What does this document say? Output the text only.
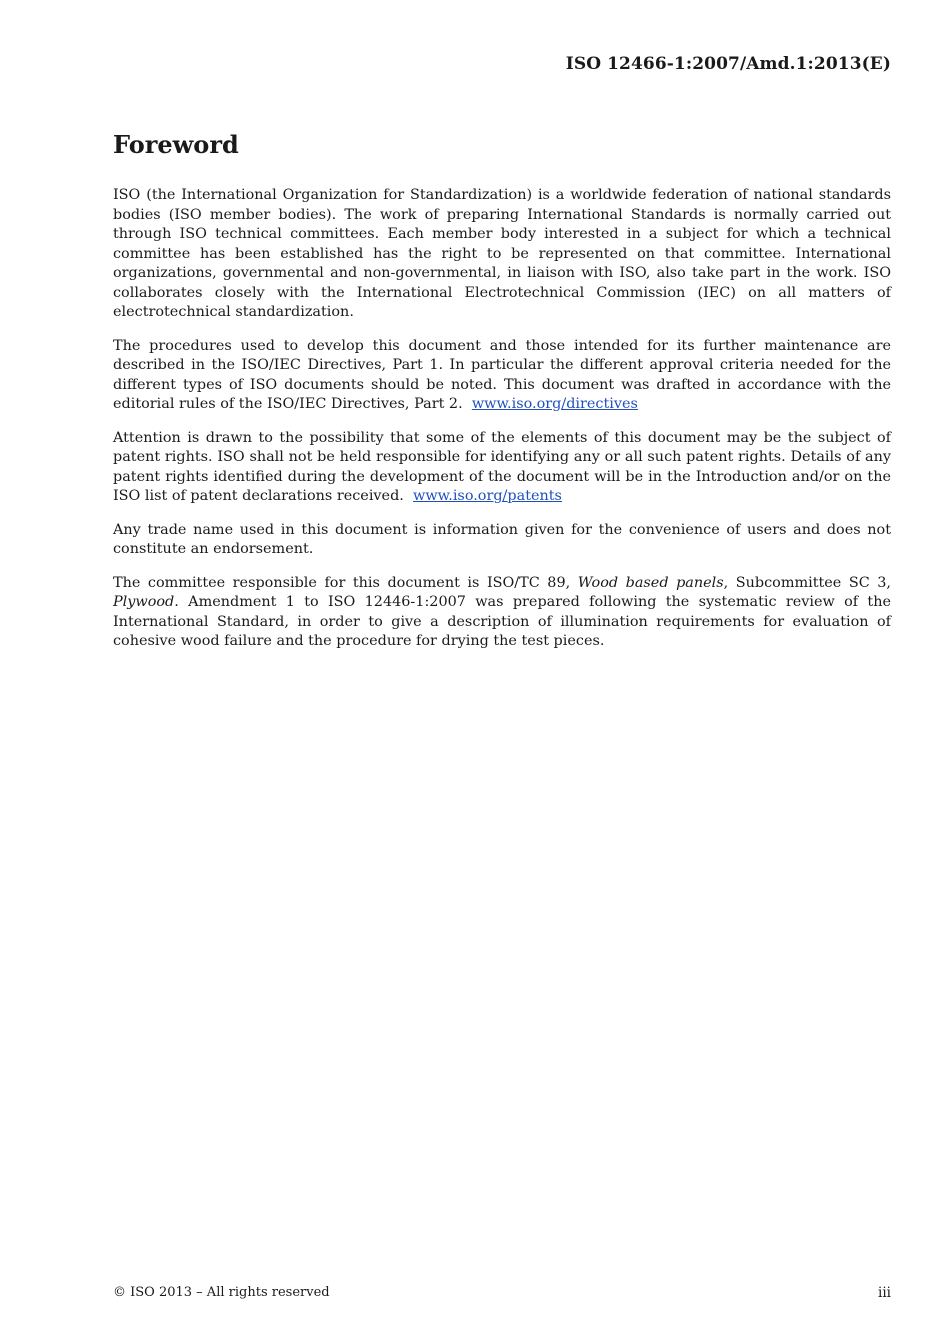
ISO 12466-1:2007/Amd.1:2013(E)
Foreword

ISO (the International Organization for Standardization) is a worldwide federation of national standards bodies (ISO member bodies). The work of preparing International Standards is normally carried out through ISO technical committees. Each member body interested in a subject for which a technical committee has been established has the right to be represented on that committee. International organizations, governmental and non-governmental, in liaison with ISO, also take part in the work. ISO collaborates closely with the International Electrotechnical Commission (IEC) on all matters of electrotechnical standardization.

The procedures used to develop this document and those intended for its further maintenance are described in the ISO/IEC Directives, Part 1. In particular the different approval criteria needed for the different types of ISO documents should be noted. This document was drafted in accordance with the editorial rules of the ISO/IEC Directives, Part 2. www.iso.org/directives

Attention is drawn to the possibility that some of the elements of this document may be the subject of patent rights. ISO shall not be held responsible for identifying any or all such patent rights. Details of any patent rights identified during the development of the document will be in the Introduction and/or on the ISO list of patent declarations received. www.iso.org/patents

Any trade name used in this document is information given for the convenience of users and does not constitute an endorsement.

The committee responsible for this document is ISO/TC 89, Wood based panels, Subcommittee SC 3, Plywood. Amendment 1 to ISO 12446-1:2007 was prepared following the systematic review of the International Standard, in order to give a description of illumination requirements for evaluation of cohesive wood failure and the procedure for drying the test pieces.

© ISO 2013 – All rights reserved	iii
